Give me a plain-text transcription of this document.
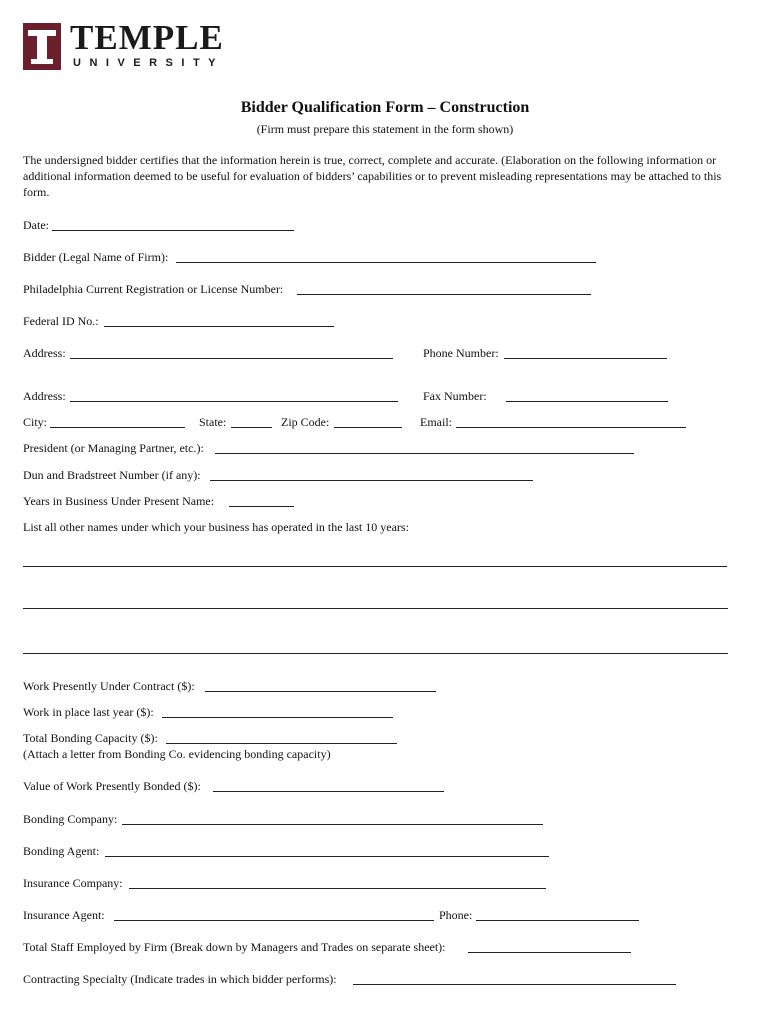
TEMPLE
UNIVERSITY
Bidder Qualification Form – Construction
(Firm must prepare this statement in the form shown)
The undersigned bidder certifies that the information herein is true, correct, complete and accurate. (Elaboration on the following information or additional information deemed to be useful for evaluation of bidders’ capabilities or to prevent misleading representations may be attached to this form.
Date:
Bidder (Legal Name of Firm):
Philadelphia Current Registration or License Number:
Federal ID No.:
Address:	Phone Number:
Address:	Fax Number:
City:	State:	Zip Code:	Email:
President (or Managing Partner, etc.):
Dun and Bradstreet Number (if any):
Years in Business Under Present Name:
List all other names under which your business has operated in the last 10 years:
Work Presently Under Contract ($):
Work in place last year ($):
Total Bonding Capacity ($):
(Attach a letter from Bonding Co. evidencing bonding capacity)
Value of Work Presently Bonded ($):
Bonding Company:
Bonding Agent:
Insurance Company:
Insurance Agent:	Phone:
Total Staff Employed by Firm (Break down by Managers and Trades on separate sheet):
Contracting Specialty (Indicate trades in which bidder performs):
